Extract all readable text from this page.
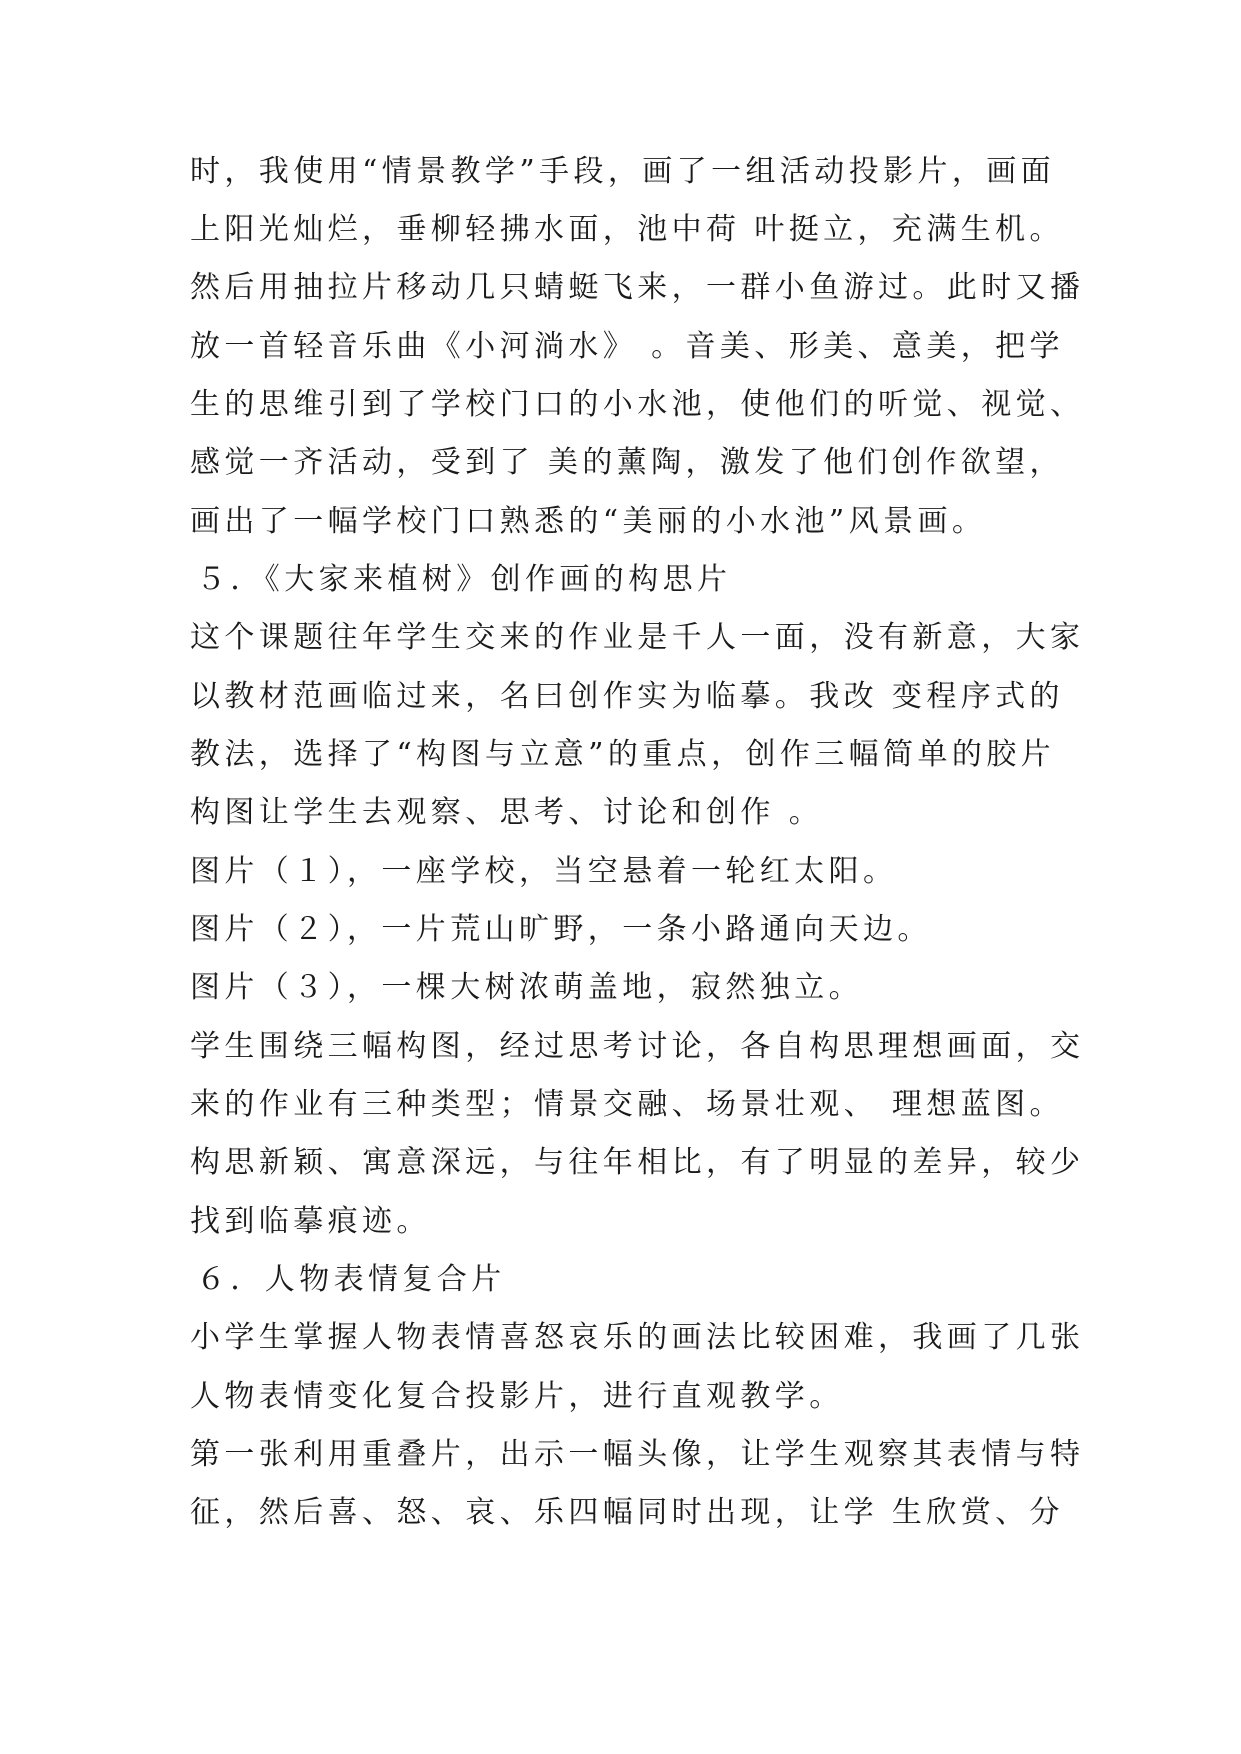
时，我使用“情景教学”手段，画了一组活动投影片，画面
上阳光灿烂，垂柳轻拂水面，池中荷 叶挺立，充满生机。
然后用抽拉片移动几只蜻蜓飞来，一群小鱼游过。此时又播
放一首轻音乐曲《小河淌水》 。音美、形美、意美，把学
生的思维引到了学校门口的小水池，使他们的听觉、视觉、
感觉一齐活动，受到了 美的薰陶，激发了他们创作欲望，
画出了一幅学校门口熟悉的“美丽的小水池”风景画。
５．《大家来植树》创作画的构思片
这个课题往年学生交来的作业是千人一面，没有新意，大家
以教材范画临过来，名曰创作实为临摹。我改 变程序式的
教法，选择了“构图与立意”的重点，创作三幅简单的胶片
构图让学生去观察、思考、讨论和创作 。
图片（１），一座学校，当空悬着一轮红太阳。
图片（２），一片荒山旷野，一条小路通向天边。
图片（３），一棵大树浓萌盖地，寂然独立。
学生围绕三幅构图，经过思考讨论，各自构思理想画面，交
来的作业有三种类型；情景交融、场景壮观、 理想蓝图。
构思新颖、寓意深远，与往年相比，有了明显的差异，较少
找到临摹痕迹。
６．人物表情复合片
小学生掌握人物表情喜怒哀乐的画法比较困难，我画了几张
人物表情变化复合投影片，进行直观教学。
第一张利用重叠片，出示一幅头像，让学生观察其表情与特
征，然后喜、怒、哀、乐四幅同时出现，让学 生欣赏、分
